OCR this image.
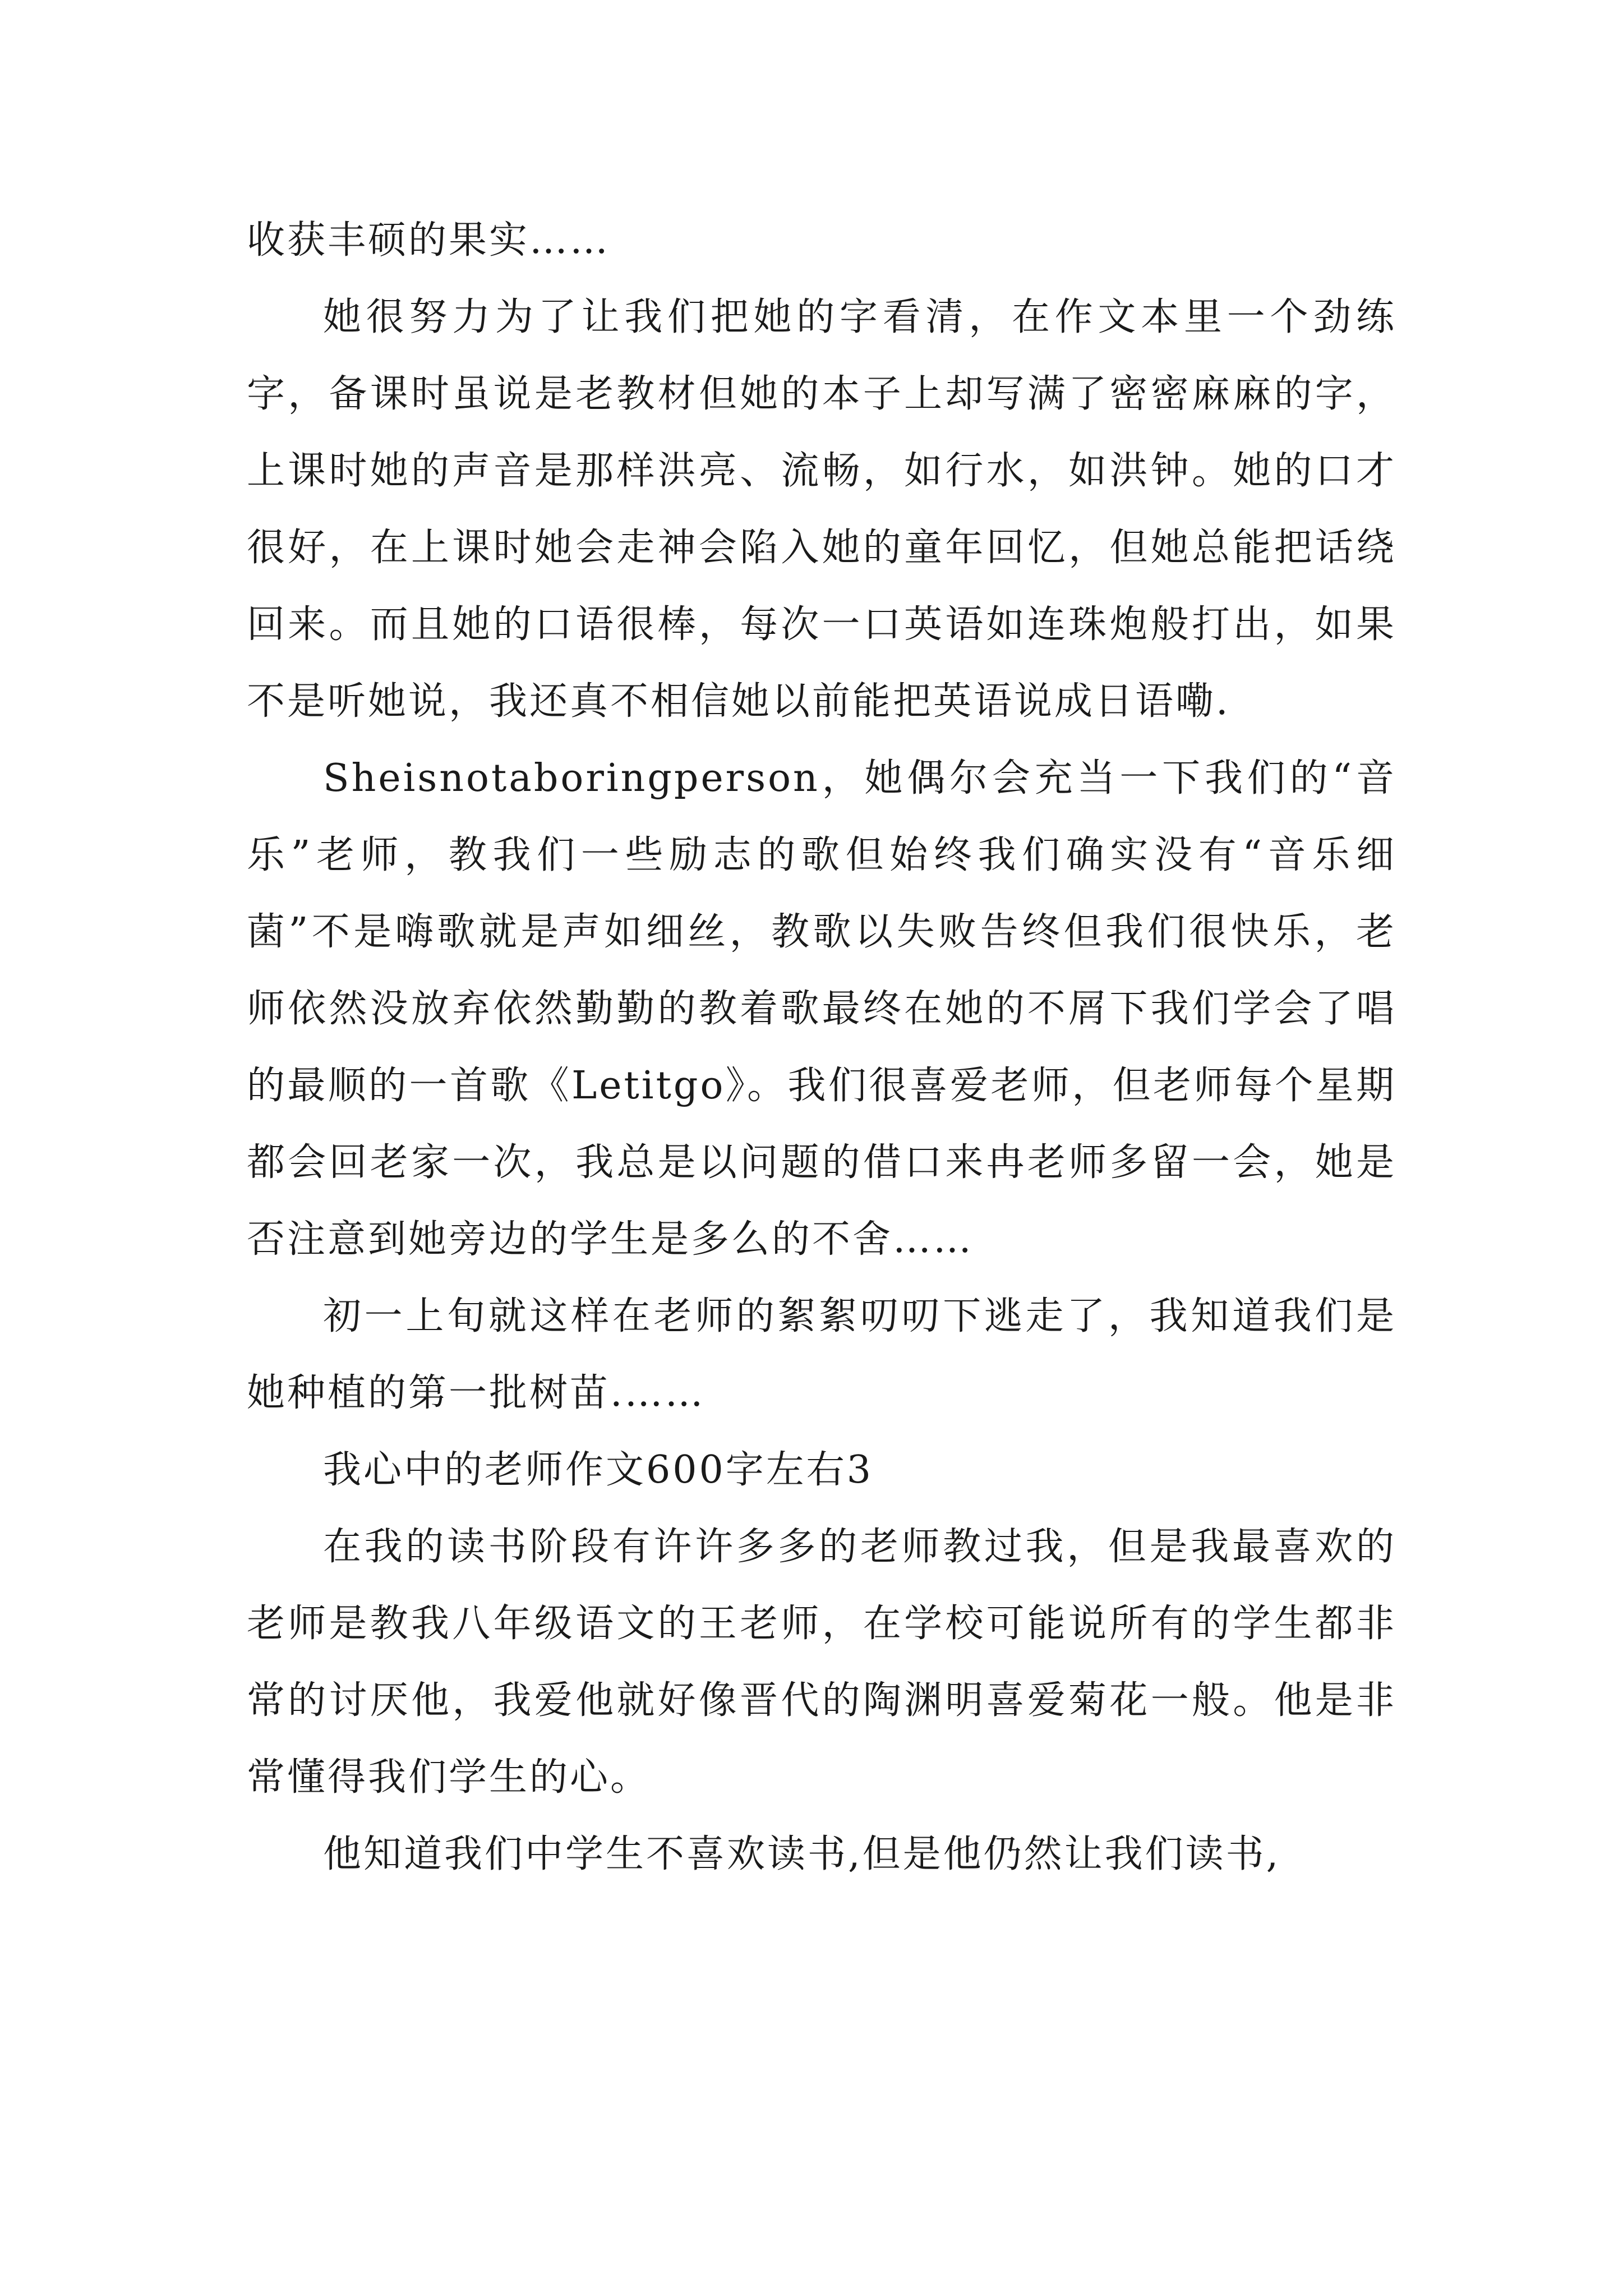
收获丰硕的果实……

她很努力为了让我们把她的字看清，在作文本里一个劲练字，备课时虽说是老教材但她的本子上却写满了密密麻麻的字，上课时她的声音是那样洪亮、流畅，如行水，如洪钟。她的口才很好，在上课时她会走神会陷入她的童年回忆，但她总能把话绕回来。而且她的口语很棒，每次一口英语如连珠炮般打出，如果不是听她说，我还真不相信她以前能把英语说成日语嘞.

Sheisnotaboringperson，她偶尔会充当一下我们的“音乐”老师，教我们一些励志的歌但始终我们确实没有“音乐细菌”不是嗨歌就是声如细丝，教歌以失败告终但我们很快乐，老师依然没放弃依然勤勤的教着歌最终在她的不屑下我们学会了唱的最顺的一首歌《Letitgo》。我们很喜爱老师，但老师每个星期都会回老家一次，我总是以问题的借口来冉老师多留一会，她是否注意到她旁边的学生是多么的不舍……

初一上旬就这样在老师的絮絮叨叨下逃走了，我知道我们是她种植的第一批树苗.……

我心中的老师作文600字左右3

在我的读书阶段有许许多多的老师教过我，但是我最喜欢的老师是教我八年级语文的王老师，在学校可能说所有的学生都非常的讨厌他，我爱他就好像晋代的陶渊明喜爱菊花一般。他是非常懂得我们学生的心。

他知道我们中学生不喜欢读书,但是他仍然让我们读书,
